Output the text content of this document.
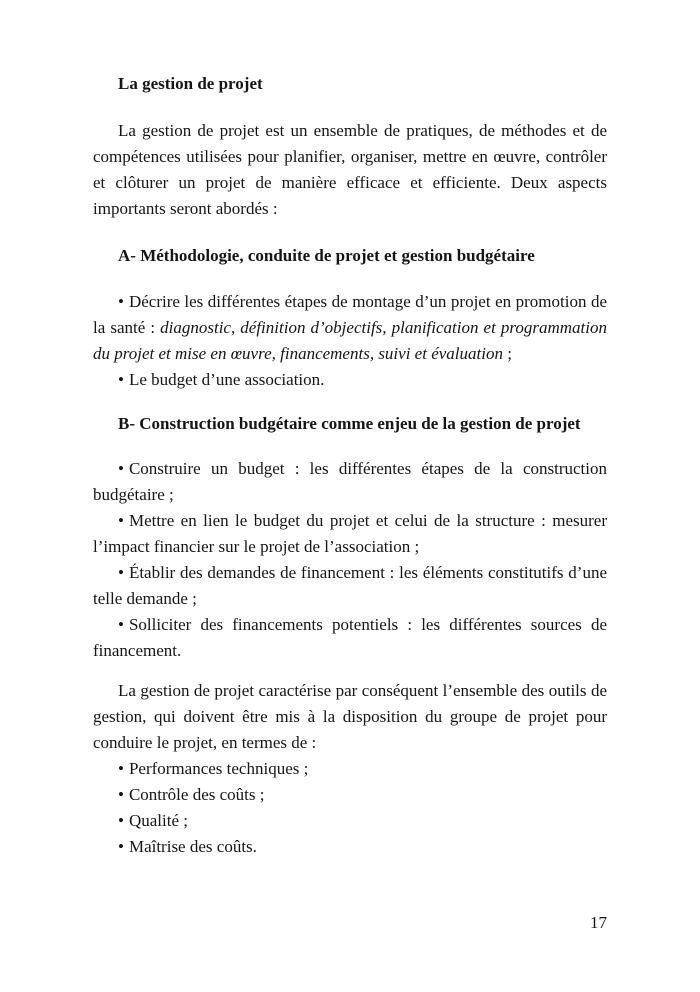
La gestion de projet

La gestion de projet est un ensemble de pratiques, de méthodes et de compétences utilisées pour planifier, organiser, mettre en œuvre, contrôler et clôturer un projet de manière efficace et efficiente. Deux aspects importants seront abordés :

A- Méthodologie, conduite de projet et gestion budgétaire

• Décrire les différentes étapes de montage d’un projet en promotion de la santé : diagnostic, définition d’objectifs, planification et programmation du projet et mise en œuvre, financements, suivi et évaluation ;

• Le budget d’une association.

B- Construction budgétaire comme enjeu de la gestion de projet

• Construire un budget : les différentes étapes de la construction budgétaire ;

• Mettre en lien le budget du projet et celui de la structure : mesurer l’impact financier sur le projet de l’association ;

• Établir des demandes de financement : les éléments constitutifs d’une telle demande ;

• Solliciter des financements potentiels : les différentes sources de financement.

La gestion de projet caractérise par conséquent l’ensemble des outils de gestion, qui doivent être mis à la disposition du groupe de projet pour conduire le projet, en termes de :

• Performances techniques ;

• Contrôle des coûts ;

• Qualité ;

• Maîtrise des coûts.

17
